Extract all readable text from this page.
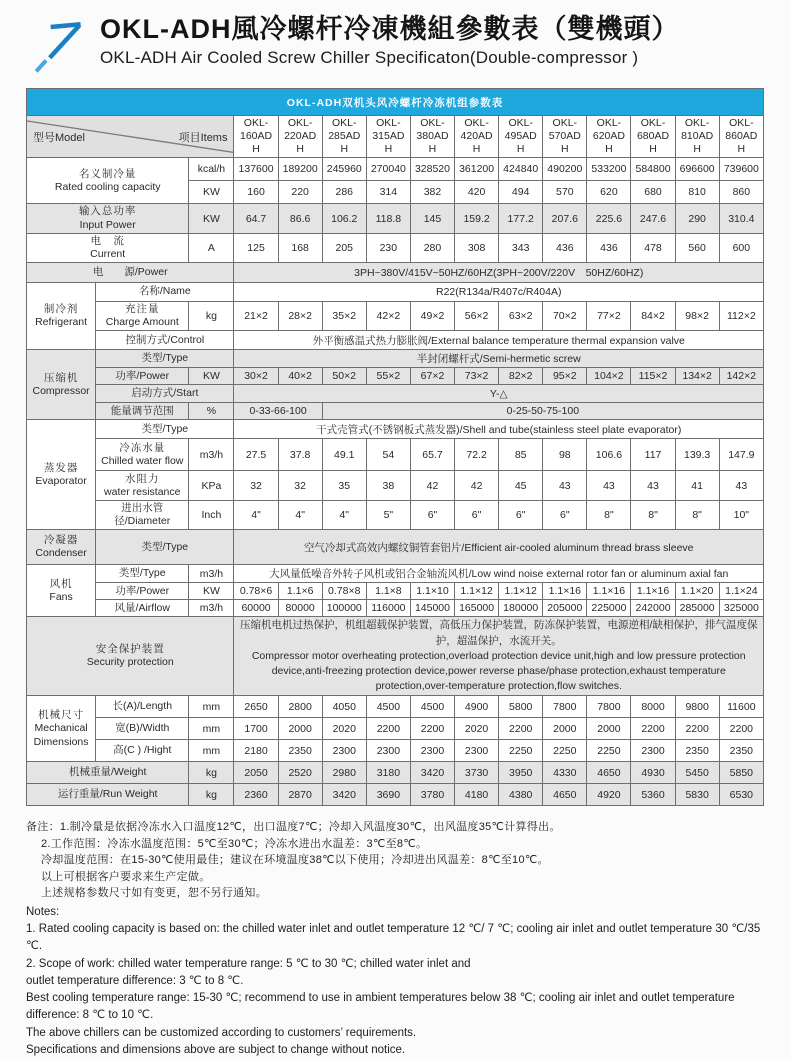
OKL-ADH風冷螺杆冷凍機組參數表（雙機頭）
OKL-ADH Air Cooled Screw Chiller Specificaton(Double-compressor )
OKL-ADH双机头风冷螺杆冷冻机组参数表														

型号Model 项目Items			OKL-160ADH	OKL-220ADH	OKL-285ADH	OKL-315ADH	OKL-380ADH	OKL-420ADH	OKL-495ADH	OKL-570ADH	OKL-620ADH	OKL-680ADH	OKL-810ADH	OKL-860ADH
名义制冷量
Rated cooling capacity		kcal/h	137600	189200	245960	270040	328520	361200	424840	490200	533200	584800	696600	739600
		KW	160	220	286	314	382	420	494	570	620	680	810	860
输入总功率
Input Power		KW	64.7	86.6	106.2	118.8	145	159.2	177.2	207.6	225.6	247.6	290	310.4
电　流
Current		A	125	168	205	230	280	308	343	436	436	478	560	600
电　　源/Power			3PH~380V/415V~50HZ/60HZ(3PH~200V/220V　50HZ/60HZ)											
制冷剂
Refrigerant	名称/Name		R22(R134a/R407c/R404A)											
	充注量
Charge Amount	kg	21×2	28×2	35×2	42×2	49×2	56×2	63×2	70×2	77×2	84×2	98×2	112×2
	控制方式/Control		外平衡感温式热力膨胀阀/External balance temperature thermal expansion valve											
压缩机
Compressor	类型/Type		半封闭螺杆式/Semi-hermetic screw											
	功率/Power	KW	30×2	40×2	50×2	55×2	67×2	73×2	82×2	95×2	104×2	115×2	134×2	142×2
	启动方式/Start		Y-△											
	能量调节范围	%	0-33-66-100		0-25-50-75-100									
蒸发器
Evaporator	类型/Type		干式壳管式(不锈钢板式蒸发器)/Shell and tube(stainless steel plate evaporator)											
	冷冻水量
Chilled water flow	m3/h	27.5	37.8	49.1	54	65.7	72.2	85	98	106.6	117	139.3	147.9
	水阻力
water resistance	KPa	32	32	35	38	42	42	45	43	43	43	41	43
	进出水管径/Diameter	Inch	4"	4"	4"	5"	6"	6"	6"	6"	8"	8"	8"	10"
冷凝器
Condenser	类型/Type		空气冷却式高效内螺纹铜管套铝片/Efficient air-cooled aluminum thread brass sleeve											
风机
Fans	类型/Type	m3/h	大风量低噪音外转子风机或铝合金轴流风机/Low wind noise external rotor fan or aluminum axial fan											
	功率/Power	KW	0.78×6	1.1×6	0.78×8	1.1×8	1.1×10	1.1×12	1.1×12	1.1×16	1.1×16	1.1×16	1.1×20	1.1×24
	风量/Airflow	m3/h	60000	80000	100000	116000	145000	165000	180000	205000	225000	242000	285000	325000
安全保护装置
Security protection	

压缩机电机过热保护，机组超载保护装置，高低压力保护装置，防冻保护装置，电源逆相/缺相保护，排气温度保护，超温保护，水流开关。

Compressor motor overheating protection,overload protection device unit,high and low pressure protection device,anti-freezing protection device,power reverse phase/phase protection,exhaust temperature protection,over-temperature protection,flow switches.

机械尺寸
Mechanical
Dimensions	长(A)/Length	mm	2650	2800	4050	4500	4500	4900	5800	7800	7800	8000	9800	11600
	宽(B)/Width	mm	1700	2000	2020	2200	2200	2020	2200	2000	2000	2200	2200	2200
	高(C ) /Hight	mm	2180	2350	2300	2300	2300	2300	2250	2250	2250	2300	2350	2350
机械重量/Weight		kg	2050	2520	2980	3180	3420	3730	3950	4330	4650	4930	5450	5850
运行重量/Run Weight		kg	2360	2870	3420	3690	3780	4180	4380	4650	4920	5360	5830	6530
备注：1.制冷量是依据冷冻水入口温度12℃，出口温度7℃；冷却入风温度30℃，出风温度35℃计算得出。
2.工作范围：冷冻水温度范围：5℃至30℃；冷冻水进出水温差：3℃至8℃。
冷却温度范围：在15-30℃使用最佳；建议在环境温度38℃以下使用；冷却进出风温差：8℃至10℃。
以上可根据客户要求来生产定做。
上述规格参数尺寸如有变更，恕不另行通知。
Notes:
1. Rated cooling capacity is based on: the chilled water inlet and outlet temperature 12 ℃/ 7 ℃; cooling air inlet and outlet temperature 30 ℃/35 ℃.
2. Scope of work: chilled water temperature range: 5 ℃ to 30 ℃; chilled water inlet and
outlet temperature difference: 3 ℃ to 8 ℃.
Best cooling temperature range: 15-30 ℃; recommend to use in ambient temperatures below 38 ℃; cooling air inlet and outlet temperature difference: 8 ℃ to 10 ℃.
The above chillers can be customized according to customers’ requirements.
Specifications and dimensions above are subject to change without notice.
